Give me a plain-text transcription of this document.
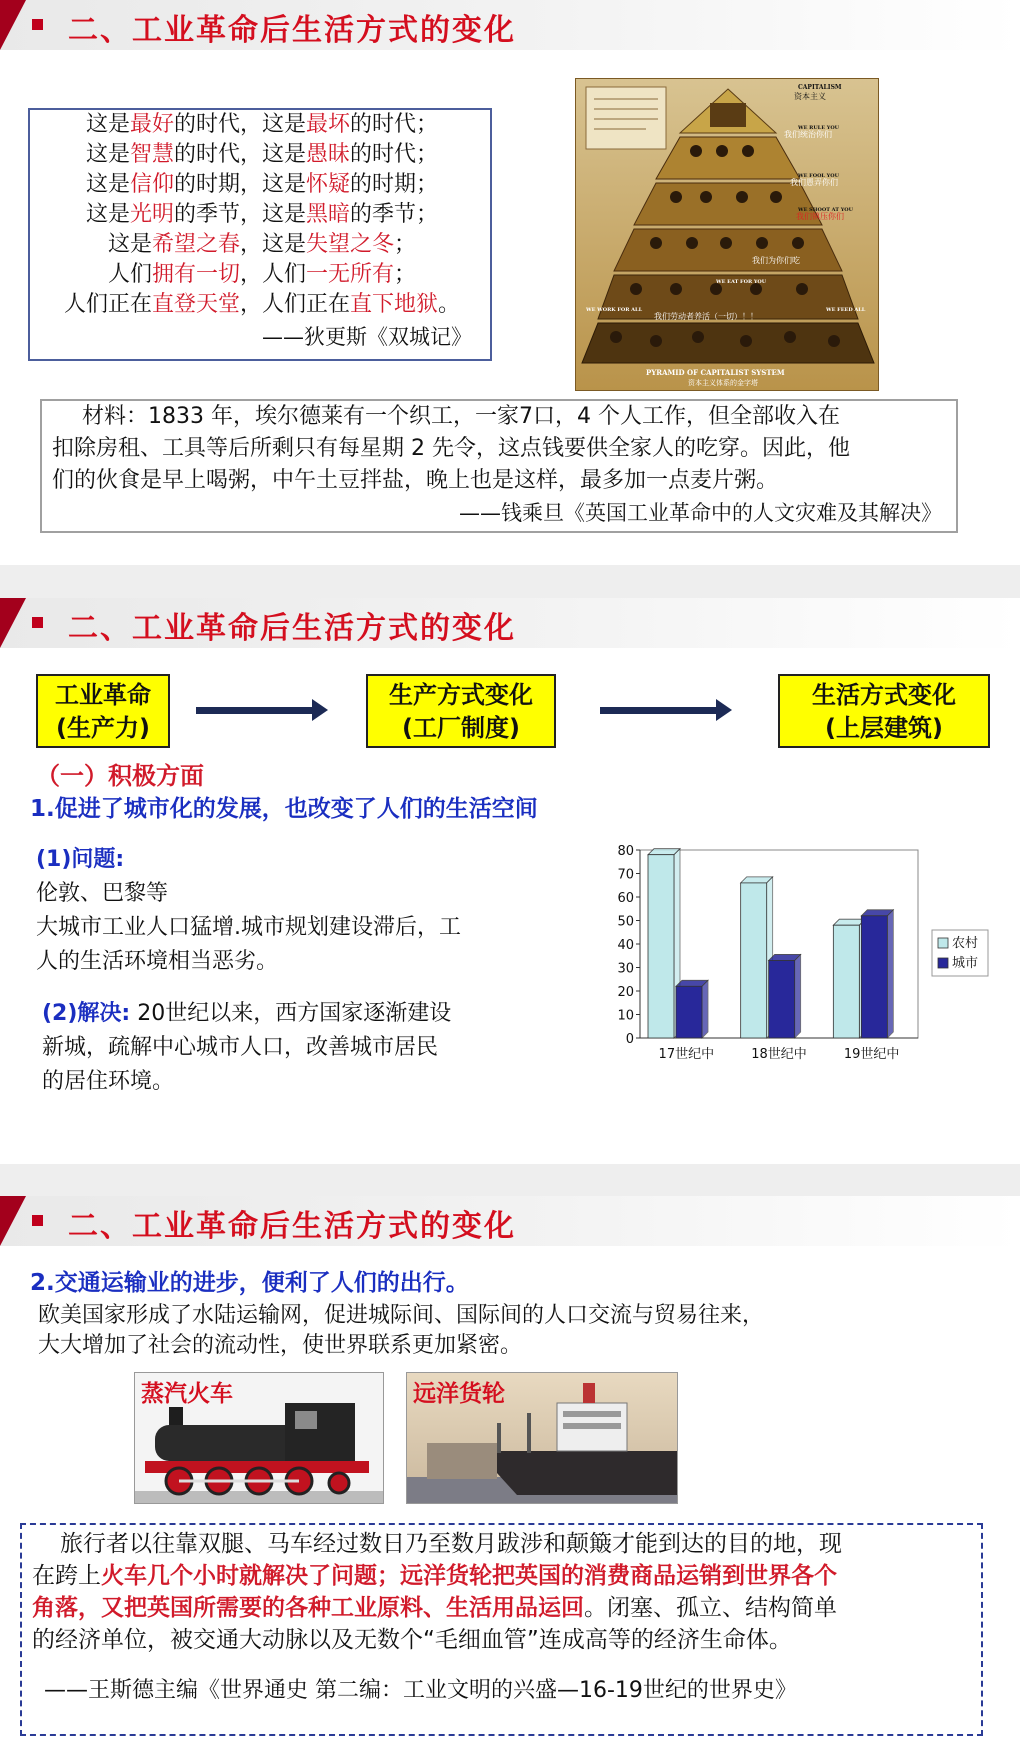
二、工业革命后生活方式的变化
这是最好的时代，这是最坏的时代；
这是智慧的时代，这是愚昧的时代；
这是信仰的时期，这是怀疑的时期；
这是光明的季节，这是黑暗的季节；
这是希望之春，这是失望之冬；
人们拥有一切，人们一无所有；
人们正在直登天堂，人们正在直下地狱。
——狄更斯《双城记》
CAPITALISM
资本主义
WE RULE YOU
我们统治你们
WE FOOL YOU
我们愚弄你们
WE SHOOT AT YOU
我们镇压你们
WE EAT FOR YOU
我们为你们吃
WE WORK FOR ALL	WE FEED ALL
我们劳动者养活（一切）！！
PYRAMID OF CAPITALIST SYSTEM
资本主义体系的金字塔
材料：1833 年，埃尔德莱有一个织工，一家7口，4 个人工作，但全部收入在
扣除房租、工具等后所剩只有每星期 2 先令，这点钱要供全家人的吃穿。因此，他
们的伙食是早上喝粥，中午土豆拌盐，晚上也是这样，最多加一点麦片粥。
——钱乘旦《英国工业革命中的人文灾难及其解决》
二、工业革命后生活方式的变化
工业革命
(生产力)
生产方式变化
(工厂制度)
生活方式变化
(上层建筑)
（一）积极方面
1.促进了城市化的发展，也改变了人们的生活空间
(1)问题:
伦敦、巴黎等
大城市工业人口猛增.城市规划建设滞后，工
人的生活环境相当恶劣。
(2)解决: 20世纪以来，西方国家逐渐建设
新城，疏解中心城市人口，改善城市居民
的居住环境。
0
10
20
30
40
50
60
70
80
17世纪中	18世纪中	19世纪中
农村
城市
二、工业革命后生活方式的变化
2.交通运输业的进步，便利了人们的出行。
欧美国家形成了水陆运输网，促进城际间、国际间的人口交流与贸易往来，
大大增加了社会的流动性，使世界联系更加紧密。
蒸汽火车	远洋货轮
旅行者以往靠双腿、马车经过数日乃至数月跋涉和颠簸才能到达的目的地，现
在跨上火车几个小时就解决了问题；远洋货轮把英国的消费商品运销到世界各个
角落，又把英国所需要的各种工业原料、生活用品运回。闭塞、孤立、结构简单
的经济单位，被交通大动脉以及无数个“毛细血管”连成高等的经济生命体。
——王斯德主编《世界通史 第二编：工业文明的兴盛—16-19世纪的世界史》
